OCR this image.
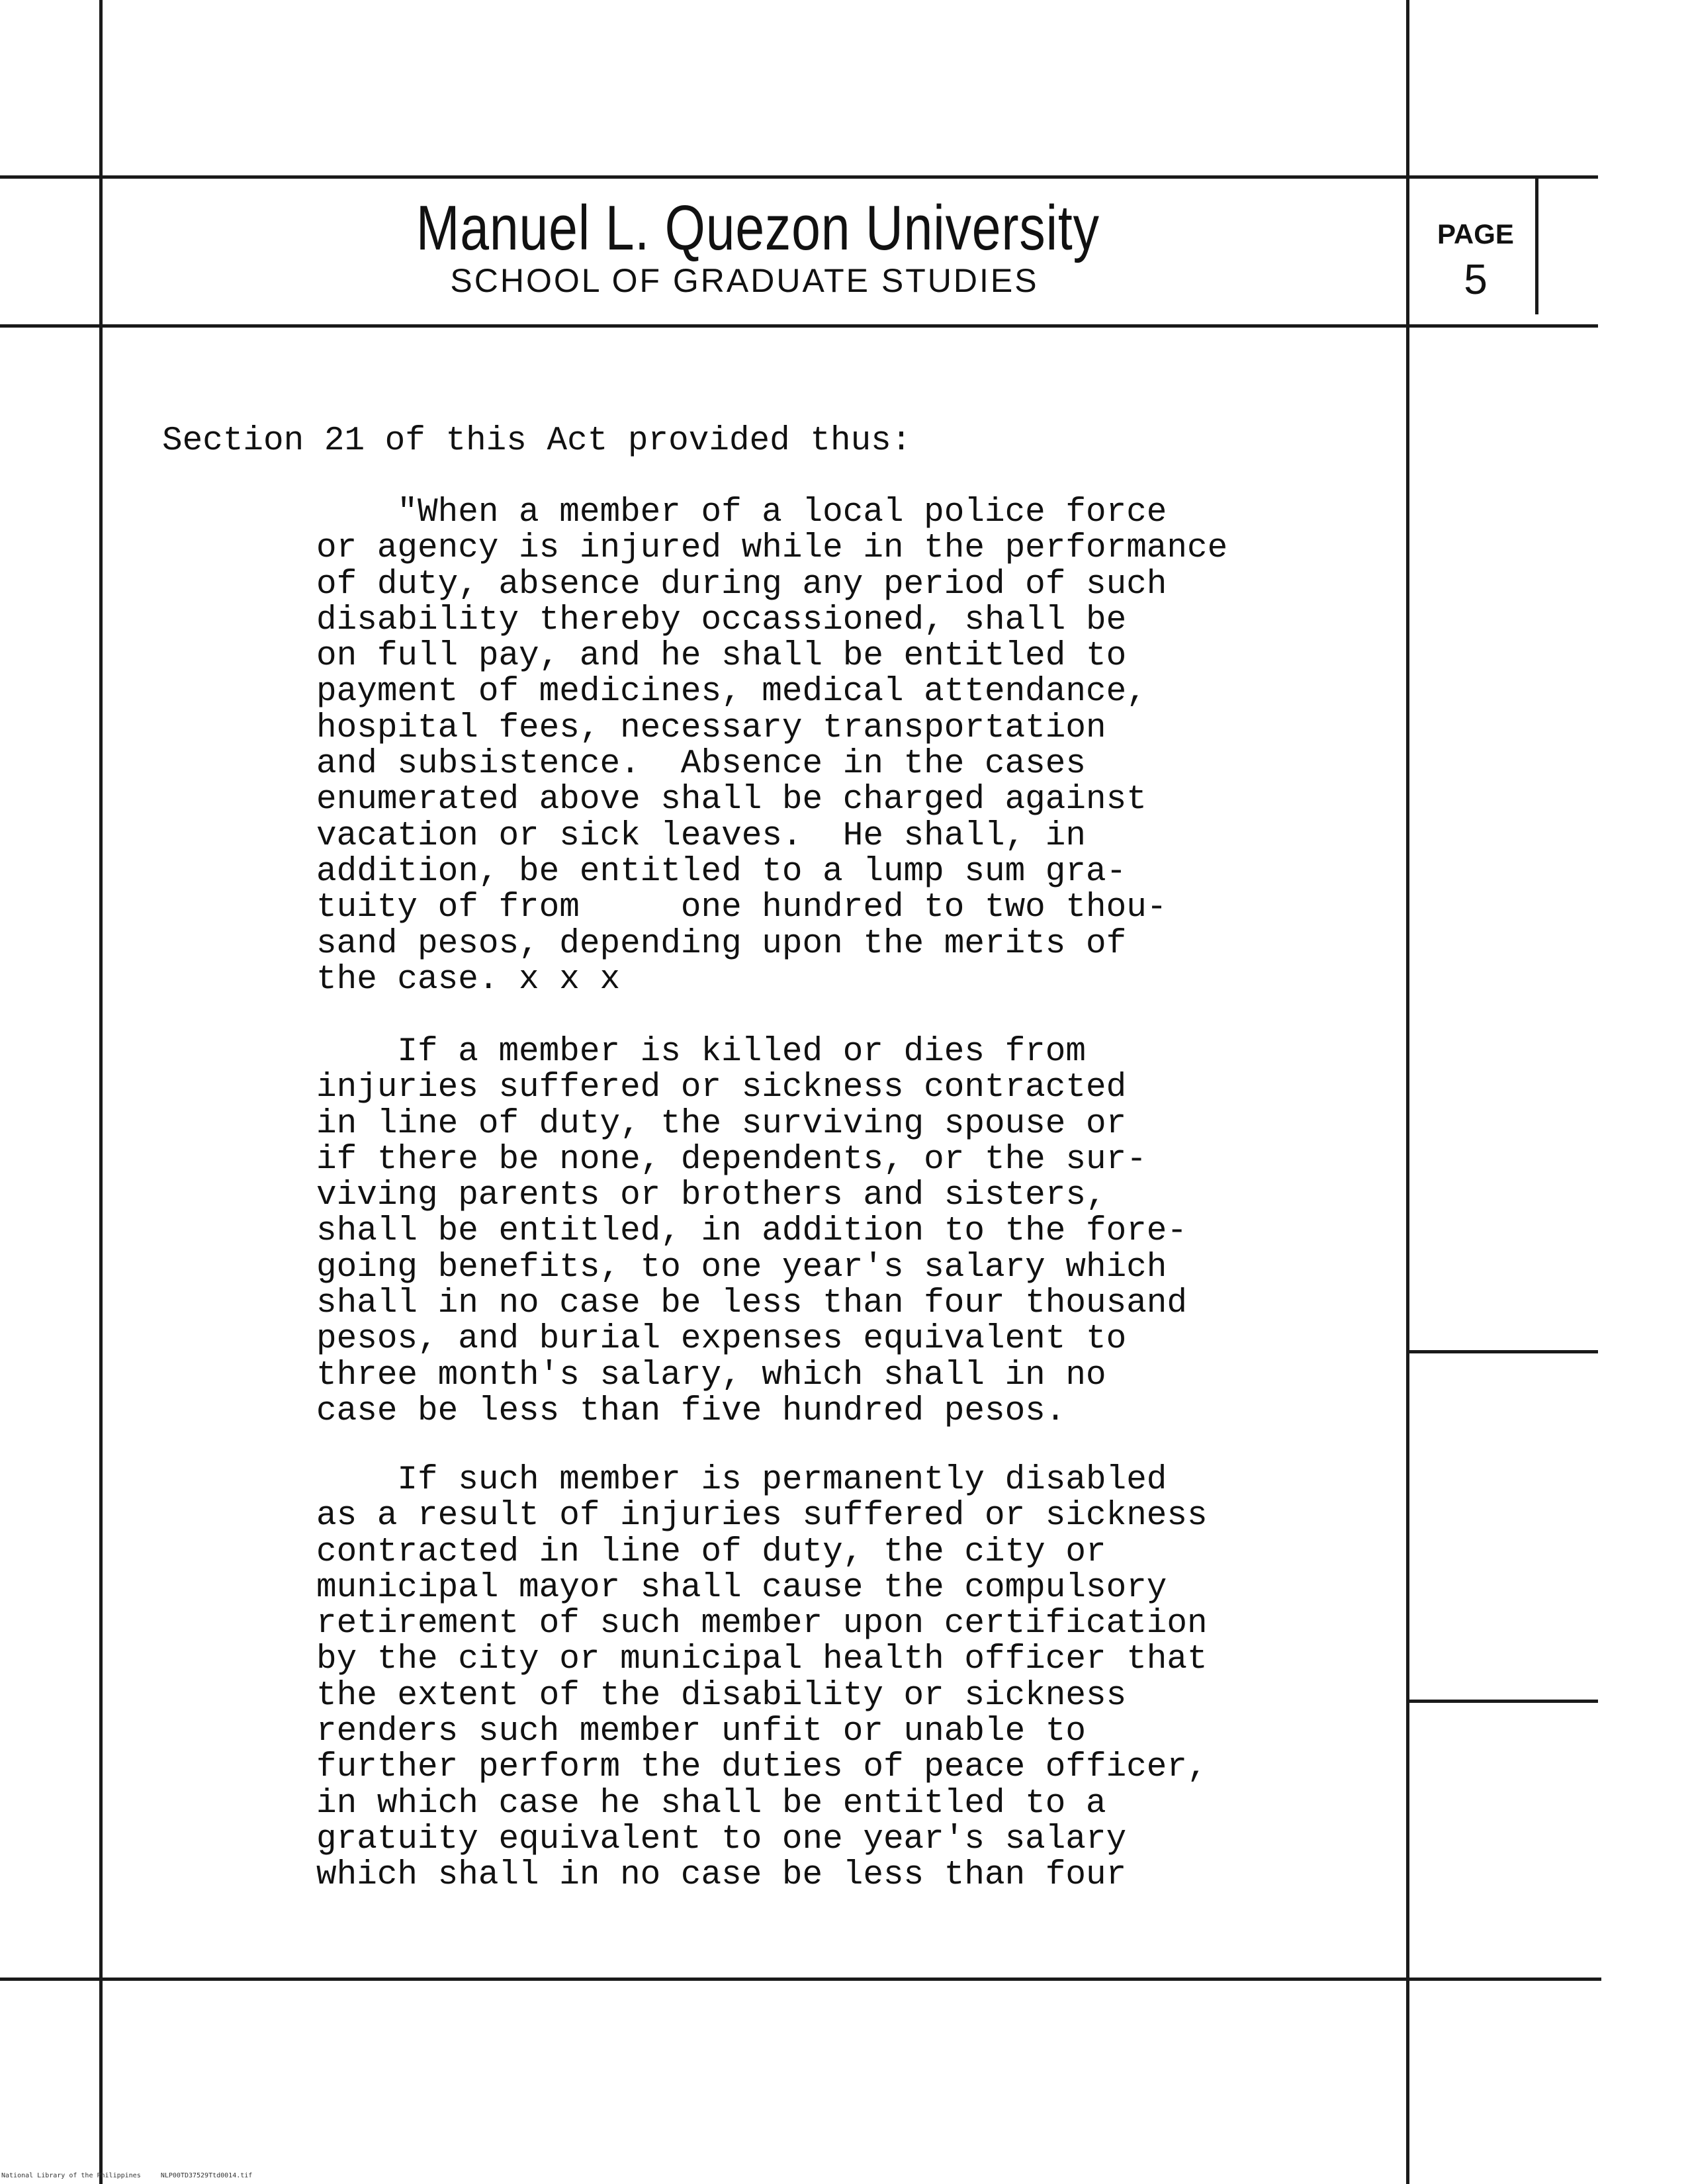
Manuel L. Quezon University
SCHOOL OF GRADUATE STUDIES
PAGE
5
Section 21 of this Act provided thus:
"When a member of a local police force
or agency is injured while in the performance
of duty, absence during any period of such
disability thereby occassioned, shall be
on full pay, and he shall be entitled to
payment of medicines, medical attendance,
hospital fees, necessary transportation
and subsistence.  Absence in the cases
enumerated above shall be charged against
vacation or sick leaves.  He shall, in
addition, be entitled to a lump sum gra-
tuity of from     one hundred to two thou-
sand pesos, depending upon the merits of
the case. x x x
If a member is killed or dies from
injuries suffered or sickness contracted
in line of duty, the surviving spouse or
if there be none, dependents, or the sur-
viving parents or brothers and sisters,
shall be entitled, in addition to the fore-
going benefits, to one year's salary which
shall in no case be less than four thousand
pesos, and burial expenses equivalent to
three month's salary, which shall in no
case be less than five hundred pesos.
If such member is permanently disabled
as a result of injuries suffered or sickness
contracted in line of duty, the city or
municipal mayor shall cause the compulsory
retirement of such member upon certification
by the city or municipal health officer that
the extent of the disability or sickness
renders such member unfit or unable to
further perform the duties of peace officer,
in which case he shall be entitled to a
gratuity equivalent to one year's salary
which shall in no case be less than four
National Library of the Philippines     NLP00TD37529Ttd0014.tif
